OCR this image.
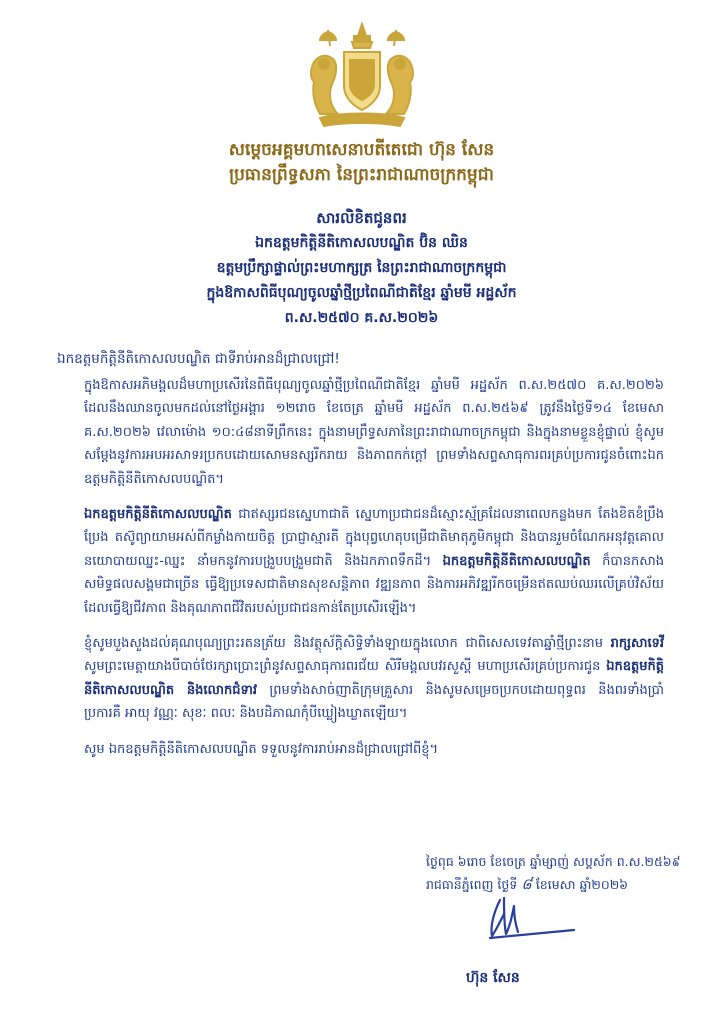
សម្តេចអគ្គមហាសេនាបតីតេជោ ហ៊ុន សែន
ប្រធានព្រឹទ្ធសភា នៃព្រះរាជាណាចក្រកម្ពុជា
សារលិខិតជូនពរ
ឯកឧត្តមកិត្តិនីតិកោសលបណ្ឌិត ប៊ិន ឈិន
ឧត្តមប្រឹក្សាផ្ទាល់ព្រះមហាក្សត្រ នៃព្រះរាជាណាចក្រកម្ពុជា
ក្នុងឱកាសពិធីបុណ្យចូលឆ្នាំថ្មីប្រពៃណីជាតិខ្មែរ ឆ្នាំមមី អដ្ឋស័ក
ព.ស.២៥៧០ គ.ស.២០២៦
ឯកឧត្តមកិត្តិនីតិកោសលបណ្ឌិត ជាទីរាប់អានដ៏ជ្រាលជ្រៅ!

ក្នុងឱកាសអភិមង្គលដ៏មហាប្រសើរនៃពិធីបុណ្យចូលឆ្នាំថ្មីប្រពៃណីជាតិខ្មែរ ឆ្នាំមមី អដ្ឋស័ក ព.ស.២៥៧០ គ.ស.២០២៦ ដែលនឹងឈានចូលមកដល់នៅថ្ងៃអង្គារ ១២រោច ខែចេត្រ ឆ្នាំមមី អដ្ឋស័ក ព.ស.២៥៦៩ ត្រូវនឹងថ្ងៃទី១៤ ខែមេសា គ.ស.២០២៦ វេលាម៉ោង ១០:៤៨នាទីព្រឹកនេះ ក្នុងនាមព្រឹទ្ធសភានៃព្រះរាជាណាចក្រកម្ពុជា និងក្នុងនាមខ្លួនខ្ញុំផ្ទាល់ ខ្ញុំសូមសម្តែងនូវការអបអរសាទរប្រកបដោយសោមនស្សរីករាយ និងភាពកក់ក្តៅ ព្រមទាំងសព្ទសាធុការពរគ្រប់ប្រការជូនចំពោះឯកឧត្តមកិត្តិនីតិកោសលបណ្ឌិត។

ឯកឧត្តមកិត្តិនីតិកោសលបណ្ឌិត ជាឥស្សរជនស្នេហាជាតិ ស្នេហាប្រជាជនដ៏ស្មោះស្ម័គ្រដែលនាពេលកន្លងមក តែងខិតខំប្រឹងប្រែង តស៊ូព្យាយាមអស់ពីកម្លាំងកាយចិត្ត ប្រាជ្ញាស្មារតី ក្នុងបុព្វហេតុបម្រើជាតិមាតុភូមិកម្ពុជា និងបានរួមចំណែកអនុវត្តគោលនយោបាយឈ្នះ-ឈ្នះ នាំមកនូវការបង្រួបបង្រួមជាតិ និងឯកភាពទឹកដី។ ឯកឧត្តមកិត្តិនីតិកោសលបណ្ឌិត ក៏បានកសាងសមិទ្ធផលសង្គមជាច្រើន ធ្វើឱ្យប្រទេសជាតិមានសុខសន្តិភាព វឌ្ឍនភាព និងការអភិវឌ្ឍរីកចម្រើនឥតឈប់ឈរលើគ្រប់វិស័យ ដែលធ្វើឱ្យជីវភាព និងគុណភាពជីវិតរបស់ប្រជាជនកាន់តែប្រសើរឡើង។

ខ្ញុំសូមបួងសួងដល់គុណបុណ្យព្រះរតនត្រ័យ និងវត្ថុស័ក្តិសិទ្ធិទាំងឡាយក្នុងលោក ជាពិសេសទេវតាឆ្នាំថ្មីព្រះនាម រាក្សសាទេវី សូមព្រះមេត្តាយាងបីបាច់ថែរក្សាប្រោះព្រំនូវសព្ទសាធុការពរជ័យ សិរីមង្គលបវរសួស្តី មហាប្រសើរគ្រប់ប្រការជូន ឯកឧត្តមកិត្តិនីតិកោសលបណ្ឌិត និងលោកជំទាវ ព្រមទាំងសាច់ញាតិក្រុមគ្រួសារ និងសូមសម្រេចប្រកបដោយពុទ្ធពរ និងពរទាំងប្រាំប្រការគឺ អាយុ វណ្ណៈ សុខៈ ពលៈ និងបដិភាណកុំបីឃ្លៀងឃ្លាតឡើយ។

សូម ឯកឧត្តមកិត្តិនីតិកោសលបណ្ឌិត ទទួលនូវការរាប់អានដ៏ជ្រាលជ្រៅពីខ្ញុំ។

ថ្ងៃពុធ ៦រោច ខែចេត្រ ឆ្នាំម្សាញ់ សប្តស័ក ព.ស.២៥៦៩
រាជធានីភ្នំពេញ ថ្ងៃទី ៨ ខែមេសា ឆ្នាំ២០២៦
ហ៊ុន សែន
